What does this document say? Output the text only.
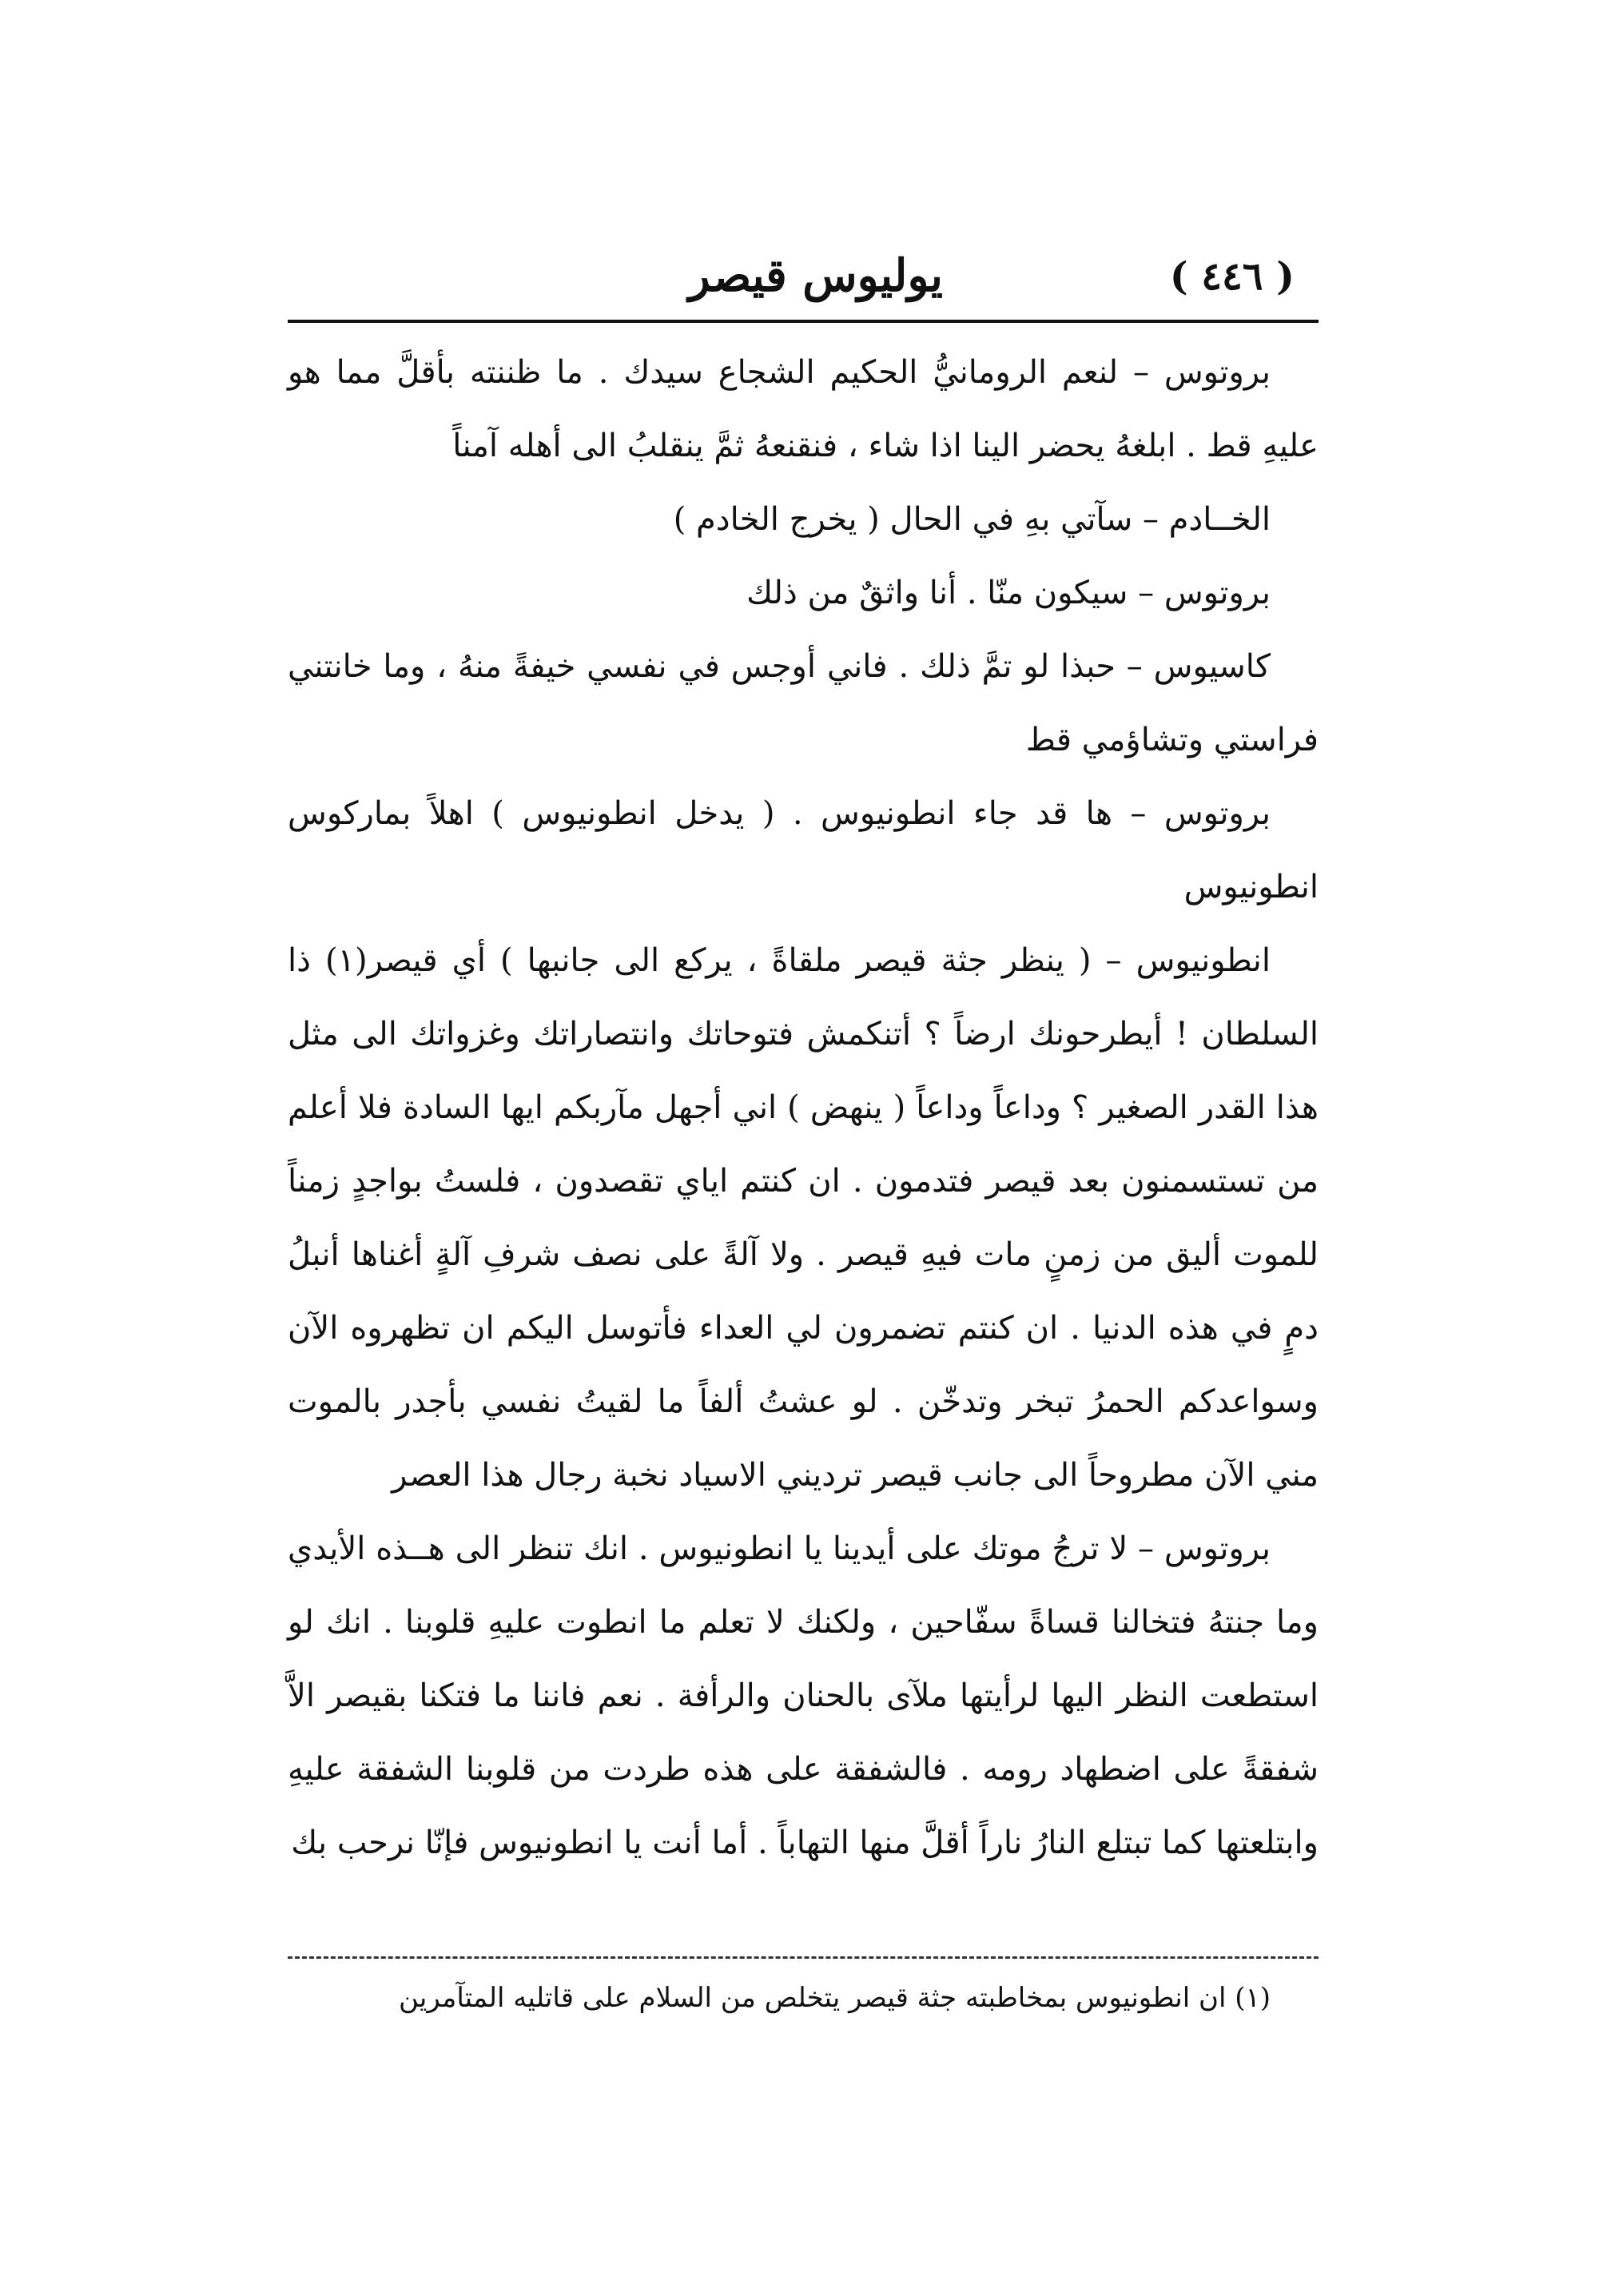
( ٤٤٦ )
يوليوس قيصر

بروتوس – لنعم الرومانيُّ الحكيم الشجاع سيدك . ما ظننته بأقلَّ مما هو عليهِ قط . ابلغهُ يحضر الينا اذا شاء ، فنقنعهُ ثمَّ ينقلبُ الى أهله آمناً

الخــادم – سآتي بهِ في الحال ( يخرج الخادم )

بروتوس – سيكون منّا . أنا واثقٌ من ذلك

كاسيوس – حبذا لو تمَّ ذلك . فاني أوجس في نفسي خيفةً منهُ ، وما خانتني فراستي وتشاؤمي قط

بروتوس – ها قد جاء انطونيوس . ( يدخل انطونيوس ) اهلاً بماركوس انطونيوس

انطونيوس – ( ينظر جثة قيصر ملقاةً ، يركع الى جانبها ) أي قيصر(١) ذا السلطان ! أيطرحونك ارضاً ؟ أتنكمش فتوحاتك وانتصاراتك وغزواتك الى مثل هذا القدر الصغير ؟ وداعاً وداعاً ( ينهض ) اني أجهل مآربكم ايها السادة فلا أعلم من تستسمنون بعد قيصر فتدمون . ان كنتم اياي تقصدون ، فلستُ بواجدٍ زمناً للموت أليق من زمنٍ مات فيهِ قيصر . ولا آلةً على نصف شرفِ آلةٍ أغناها أنبلُ دمٍ في هذه الدنيا . ان كنتم تضمرون لي العداء فأتوسل اليكم ان تظهروه الآن وسواعدكم الحمرُ تبخر وتدخّن . لو عشتُ ألفاً ما لقيتُ نفسي بأجدر بالموت مني الآن مطروحاً الى جانب قيصر ترديني الاسياد نخبة رجال هذا العصر

بروتوس – لا ترجُ موتك على أيدينا يا انطونيوس . انك تنظر الى هــذه الأيدي وما جنتهُ فتخالنا قساةً سفّاحين ، ولكنك لا تعلم ما انطوت عليهِ قلوبنا . انك لو استطعت النظر اليها لرأيتها ملآى بالحنان والرأفة . نعم فاننا ما فتكنا بقيصر الاَّ شفقةً على اضطهاد رومه . فالشفقة على هذه طردت من قلوبنا الشفقة عليهِ وابتلعتها كما تبتلع النارُ ناراً أقلَّ منها التهاباً . أما أنت يا انطونيوس فإنّا نرحب بك

(١) ان انطونيوس بمخاطبته جثة قيصر يتخلص من السلام على قاتليه المتآمرين
